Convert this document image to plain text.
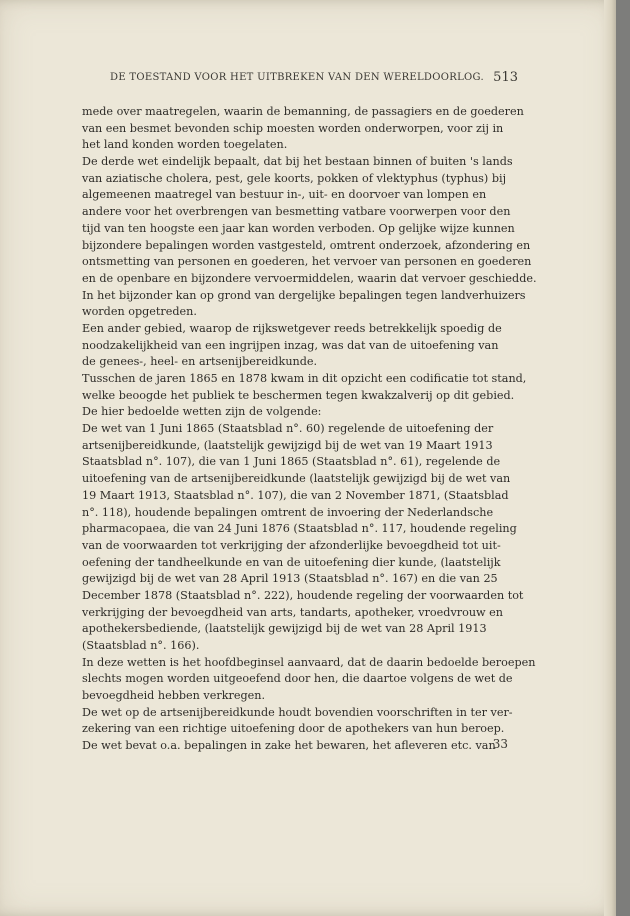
DE TOESTAND VOOR HET UITBREKEN VAN DEN WERELDOORLOG. 513
mede over maatregelen, waarin de bemanning, de passagiers en de goederen
van een besmet bevonden schip moesten worden onderworpen, voor zij in
het land konden worden toegelaten.
De derde wet eindelijk bepaalt, dat bij het bestaan binnen of buiten 's lands
van aziatische cholera, pest, gele koorts, pokken of vlektyphus (typhus) bij
algemeenen maatregel van bestuur in-, uit- en doorvoer van lompen en
andere voor het overbrengen van besmetting vatbare voorwerpen voor den
tijd van ten hoogste een jaar kan worden verboden. Op gelijke wijze kunnen
bijzondere bepalingen worden vastgesteld, omtrent onderzoek, afzondering en
ontsmetting van personen en goederen, het vervoer van personen en goederen
en de openbare en bijzondere vervoermiddelen, waarin dat vervoer geschiedde.
In het bijzonder kan op grond van dergelijke bepalingen tegen landverhuizers
worden opgetreden.
Een ander gebied, waarop de rijkswetgever reeds betrekkelijk spoedig de
noodzakelijkheid van een ingrijpen inzag, was dat van de uitoefening van
de genees-, heel- en artsenijbereidkunde.
Tusschen de jaren 1865 en 1878 kwam in dit opzicht een codificatie tot stand,
welke beoogde het publiek te beschermen tegen kwakzalverij op dit gebied.
De hier bedoelde wetten zijn de volgende:
De wet van 1 Juni 1865 (Staatsblad n°. 60) regelende de uitoefening der
artsenijbereidkunde, (laatstelijk gewijzigd bij de wet van 19 Maart 1913
Staatsblad n°. 107), die van 1 Juni 1865 (Staatsblad n°. 61), regelende de
uitoefening van de artsenijbereidkunde (laatstelijk gewijzigd bij de wet van
19 Maart 1913, Staatsblad n°. 107), die van 2 November 1871, (Staatsblad
n°. 118), houdende bepalingen omtrent de invoering der Nederlandsche
pharmacopaea, die van 24 Juni 1876 (Staatsblad n°. 117, houdende regeling
van de voorwaarden tot verkrijging der afzonderlijke bevoegdheid tot uit-
oefening der tandheelkunde en van de uitoefening dier kunde, (laatstelijk
gewijzigd bij de wet van 28 April 1913 (Staatsblad n°. 167) en die van 25
December 1878 (Staatsblad n°. 222), houdende regeling der voorwaarden tot
verkrijging der bevoegdheid van arts, tandarts, apotheker, vroedvrouw en
apothekersbediende, (laatstelijk gewijzigd bij de wet van 28 April 1913
(Staatsblad n°. 166).
In deze wetten is het hoofdbeginsel aanvaard, dat de daarin bedoelde beroepen
slechts mogen worden uitgeoefend door hen, die daartoe volgens de wet de
bevoegdheid hebben verkregen.
De wet op de artsenijbereidkunde houdt bovendien voorschriften in ter ver-
zekering van een richtige uitoefening door de apothekers van hun beroep.
De wet bevat o.a. bepalingen in zake het bewaren, het afleveren etc. van
33
